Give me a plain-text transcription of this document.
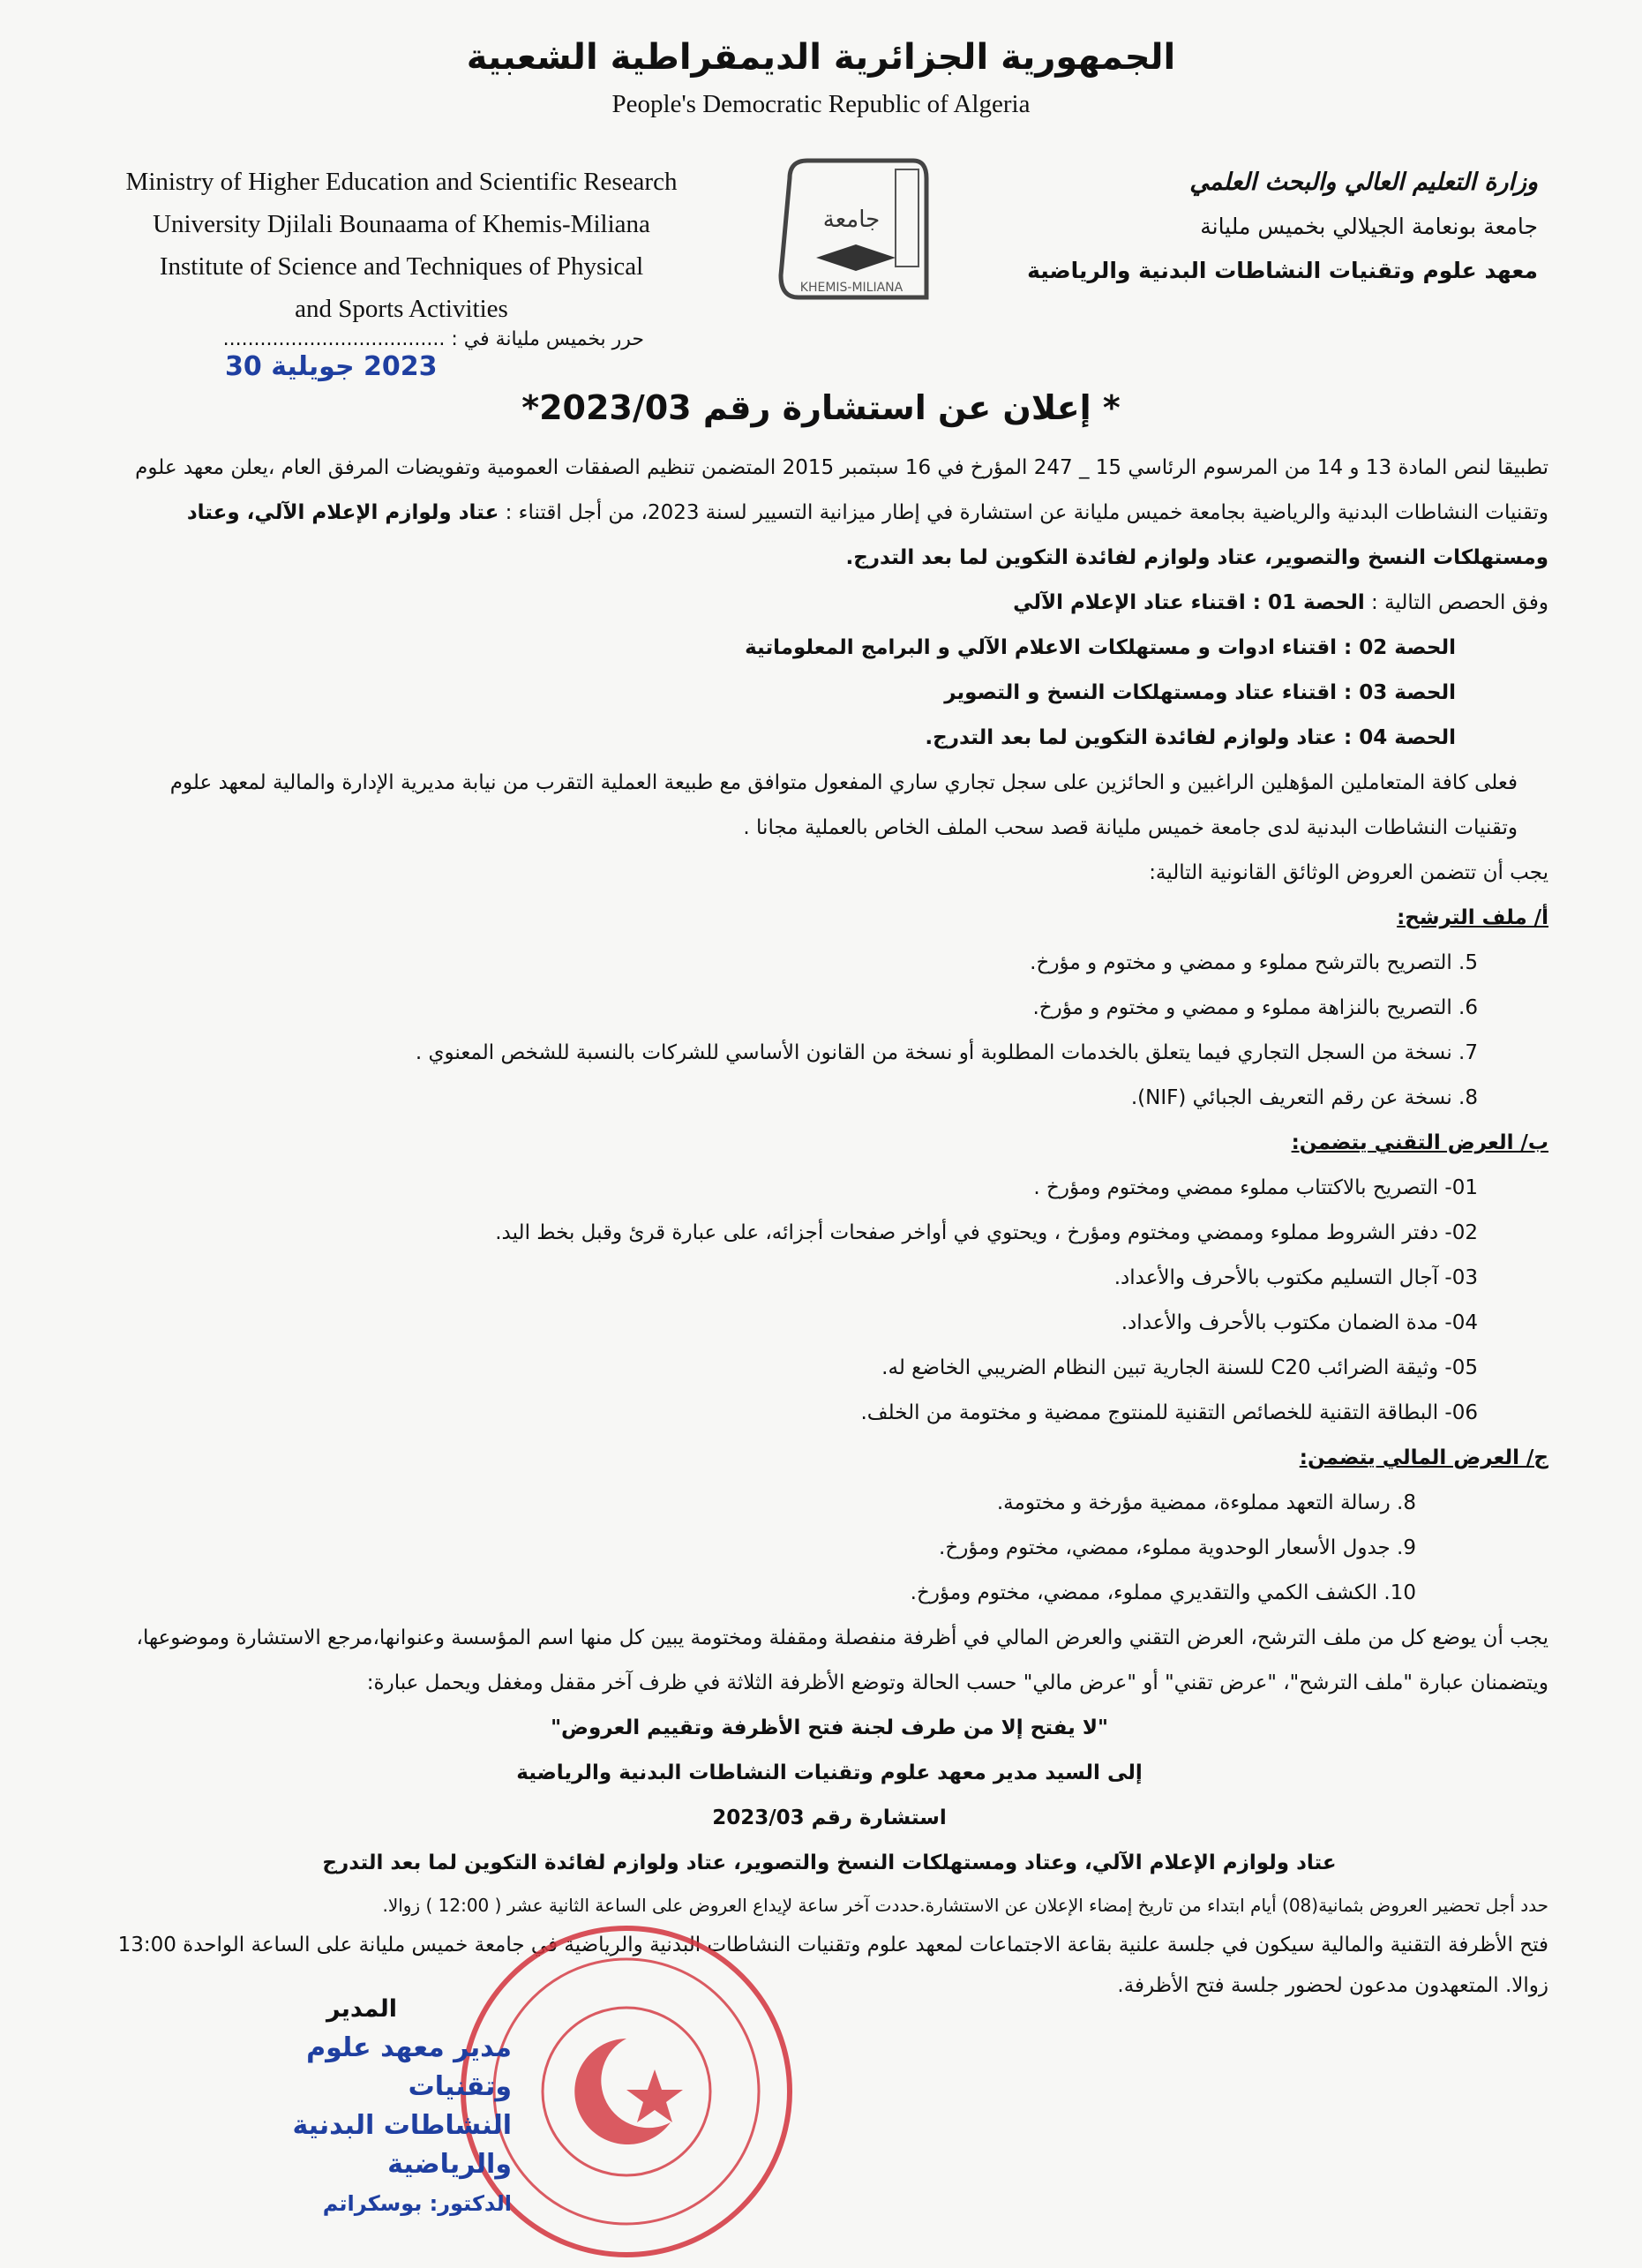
الجمهورية الجزائرية الديمقراطية الشعبية
People's Democratic Republic of Algeria
Ministry of Higher Education and Scientific Research
University Djilali Bounaama of Khemis-Miliana
Institute of Science and Techniques of Physical
and Sports Activities
وزارة التعليم العالي والبحث العلمي
جامعة بونعامة الجيلالي بخميس مليانة
معهد علوم وتقنيات النشاطات البدنية والرياضية
جامعة
KHEMIS-MILIANA
حرر بخميس مليانة في : ....................................
2023 جويلية 30
* إعلان عن استشارة رقم 2023/03*

تطبيقا لنص المادة 13 و 14 من المرسوم الرئاسي 15 _ 247 المؤرخ في 16 سبتمبر 2015 المتضمن تنظيم الصفقات العمومية وتفويضات المرفق العام ،يعلن معهد علوم وتقنيات النشاطات البدنية والرياضية بجامعة خميس مليانة عن استشارة في إطار ميزانية التسيير لسنة 2023، من أجل اقتناء : عتاد ولوازم الإعلام الآلي، وعتاد ومستهلكات النسخ والتصوير، عتاد ولوازم لفائدة التكوين لما بعد التدرج.

وفق الحصص التالية : الحصة 01 : اقتناء عتاد الإعلام الآلي

الحصة 02 : اقتناء ادوات و مستهلكات الاعلام الآلي و البرامج المعلوماتية

الحصة 03 : اقتناء عتاد ومستهلكات النسخ و التصوير

الحصة 04 : عتاد ولوازم لفائدة التكوين لما بعد التدرج.

فعلى كافة المتعاملين المؤهلين الراغبين و الحائزين على سجل تجاري ساري المفعول متوافق مع طبيعة العملية التقرب من نيابة مديرية الإدارة والمالية لمعهد علوم وتقنيات النشاطات البدنية لدى جامعة خميس مليانة قصد سحب الملف الخاص بالعملية مجانا .

يجب أن تتضمن العروض الوثائق القانونية التالية:

أ/ ملف الترشح:

5. التصريح بالترشح مملوء و ممضي و مختوم و مؤرخ.

6. التصريح بالنزاهة مملوء و ممضي و مختوم و مؤرخ.

7. نسخة من السجل التجاري فيما يتعلق بالخدمات المطلوبة أو نسخة من القانون الأساسي للشركات بالنسبة للشخص المعنوي .

8. نسخة عن رقم التعريف الجبائي (NIF).

ب/ العرض التقني يتضمن:

01- التصريح بالاكتتاب مملوء ممضي ومختوم ومؤرخ .

02- دفتر الشروط مملوء وممضي ومختوم ومؤرخ ، ويحتوي في أواخر صفحات أجزائه، على عبارة قرئ وقبل بخط اليد.

03- آجال التسليم مكتوب بالأحرف والأعداد.

04- مدة الضمان مكتوب بالأحرف والأعداد.

05- وثيقة الضرائب C20 للسنة الجارية تبين النظام الضريبي الخاضع له.

06- البطاقة التقنية للخصائص التقنية للمنتوج ممضية و مختومة من الخلف.

ج/ العرض المالي يتضمن:

8. رسالة التعهد مملوءة، ممضية مؤرخة و مختومة.

9. جدول الأسعار الوحدوية مملوء، ممضي، مختوم ومؤرخ.

10. الكشف الكمي والتقديري مملوء، ممضي، مختوم ومؤرخ.

يجب أن يوضع كل من ملف الترشح، العرض التقني والعرض المالي في أظرفة منفصلة ومقفلة ومختومة يبين كل منها اسم المؤسسة وعنوانها،مرجع الاستشارة وموضوعها، ويتضمنان عبارة "ملف الترشح"، "عرض تقني" أو "عرض مالي" حسب الحالة وتوضع الأظرفة الثلاثة في ظرف آخر مقفل ومغفل ويحمل عبارة:

"لا يفتح إلا من طرف لجنة فتح الأظرفة وتقييم العروض"

إلى السيد مدير معهد علوم وتقنيات النشاطات البدنية والرياضية

استشارة رقم 2023/03

عتاد ولوازم الإعلام الآلي، وعتاد ومستهلكات النسخ والتصوير، عتاد ولوازم لفائدة التكوين لما بعد التدرج

حدد أجل تحضير العروض بثمانية(08) أيام ابتداء من تاريخ إمضاء الإعلان عن الاستشارة.حددت آخر ساعة لإيداع العروض على الساعة الثانية عشر ( 12:00 ) زوالا.

فتح الأظرفة التقنية والمالية سيكون في جلسة علنية بقاعة الاجتماعات لمعهد علوم وتقنيات النشاطات البدنية والرياضية في جامعة خميس مليانة على الساعة الواحدة 13:00 زوالا. المتعهدون مدعون لحضور جلسة فتح الأظرفة.

المدير
مدير معهد علوم وتقنيات
النشاطات البدنية والرياضية
الدكتور: بوسكراتم
